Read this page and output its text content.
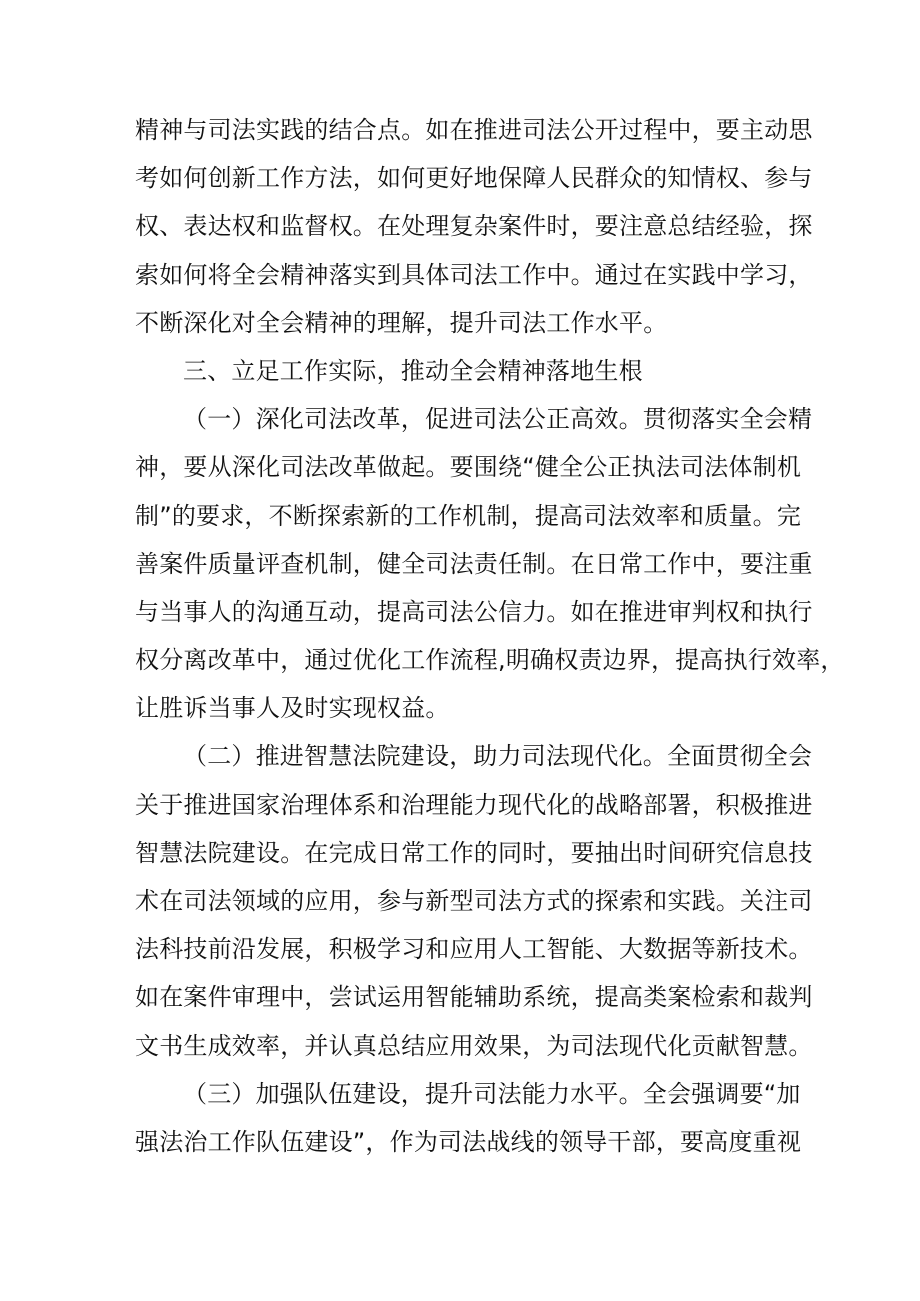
精神与司法实践的结合点。如在推进司法公开过程中，要主动思
考如何创新工作方法，如何更好地保障人民群众的知情权、参与
权、表达权和监督权。在处理复杂案件时，要注意总结经验，探
索如何将全会精神落实到具体司法工作中。通过在实践中学习，
不断深化对全会精神的理解，提升司法工作水平。
三、立足工作实际，推动全会精神落地生根
（一）深化司法改革，促进司法公正高效。贯彻落实全会精
神，要从深化司法改革做起。要围绕“健全公正执法司法体制机
制”的要求，不断探索新的工作机制，提高司法效率和质量。完
善案件质量评查机制，健全司法责任制。在日常工作中，要注重
与当事人的沟通互动，提高司法公信力。如在推进审判权和执行
权分离改革中，通过优化工作流程,明确权责边界，提高执行效率，
让胜诉当事人及时实现权益。
（二）推进智慧法院建设，助力司法现代化。全面贯彻全会
关于推进国家治理体系和治理能力现代化的战略部署，积极推进
智慧法院建设。在完成日常工作的同时，要抽出时间研究信息技
术在司法领域的应用，参与新型司法方式的探索和实践。关注司
法科技前沿发展，积极学习和应用人工智能、大数据等新技术。
如在案件审理中，尝试运用智能辅助系统，提高类案检索和裁判
文书生成效率，并认真总结应用效果，为司法现代化贡献智慧。
（三）加强队伍建设，提升司法能力水平。全会强调要“加
强法治工作队伍建设”，作为司法战线的领导干部，要高度重视
